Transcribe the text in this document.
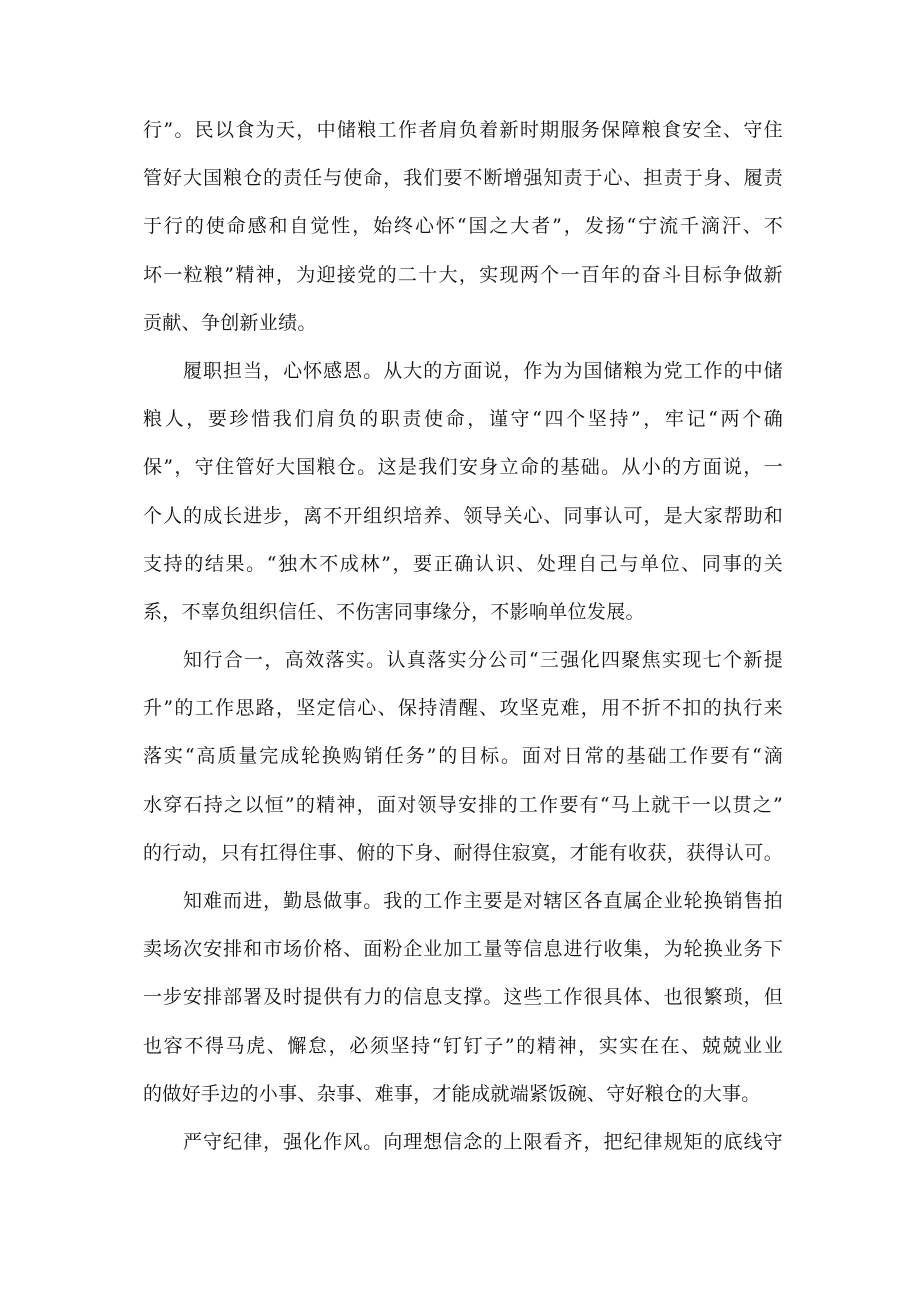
行”。民以食为天，中储粮工作者肩负着新时期服务保障粮食安全、守住
管好大国粮仓的责任与使命，我们要不断增强知责于心、担责于身、履责
于行的使命感和自觉性，始终心怀“国之大者”，发扬“宁流千滴汗、不
坏一粒粮”精神，为迎接党的二十大，实现两个一百年的奋斗目标争做新
贡献、争创新业绩。
履职担当，心怀感恩。从大的方面说，作为为国储粮为党工作的中储
粮人，要珍惜我们肩负的职责使命，谨守“四个坚持”，牢记“两个确
保”，守住管好大国粮仓。这是我们安身立命的基础。从小的方面说，一
个人的成长进步，离不开组织培养、领导关心、同事认可，是大家帮助和
支持的结果。“独木不成林”，要正确认识、处理自己与单位、同事的关
系，不辜负组织信任、不伤害同事缘分，不影响单位发展。
知行合一，高效落实。认真落实分公司“三强化四聚焦实现七个新提
升”的工作思路，坚定信心、保持清醒、攻坚克难，用不折不扣的执行来
落实“高质量完成轮换购销任务”的目标。面对日常的基础工作要有“滴
水穿石持之以恒”的精神，面对领导安排的工作要有“马上就干一以贯之”
的行动，只有扛得住事、俯的下身、耐得住寂寞，才能有收获，获得认可。
知难而进，勤恳做事。我的工作主要是对辖区各直属企业轮换销售拍
卖场次安排和市场价格、面粉企业加工量等信息进行收集，为轮换业务下
一步安排部署及时提供有力的信息支撑。这些工作很具体、也很繁琐，但
也容不得马虎、懈怠，必须坚持“钉钉子”的精神，实实在在、兢兢业业
的做好手边的小事、杂事、难事，才能成就端紧饭碗、守好粮仓的大事。
严守纪律，强化作风。向理想信念的上限看齐，把纪律规矩的底线守
